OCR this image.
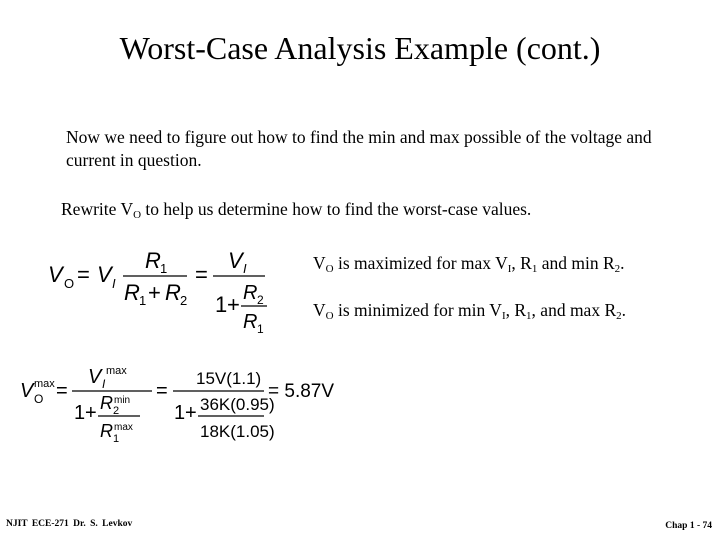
Worst-Case Analysis Example (cont.)
Now we need to figure out how to find the min and max possible of the voltage and current in question.
Rewrite $V_O$ to help us determine how to find the worst-case values.
V O = V I
R 1
R 1 + R 2
=
V I
1 + R 2
R 1
$V_O$ is maximized for $\max V_I$, $R_1$ and $\min R_2$.
$V_O$ is minimized for $\min V_I$, $R_1$, and $\max R_2$.
V O
max =
V I
max
1 + R 2
min
R 1
max
=
15V(1.1)
1 + 36K(0.95)
18K(1.05)
= 5.87V
NJIT ECE-271 Dr. S. Levkov	Chap 1 - 74
